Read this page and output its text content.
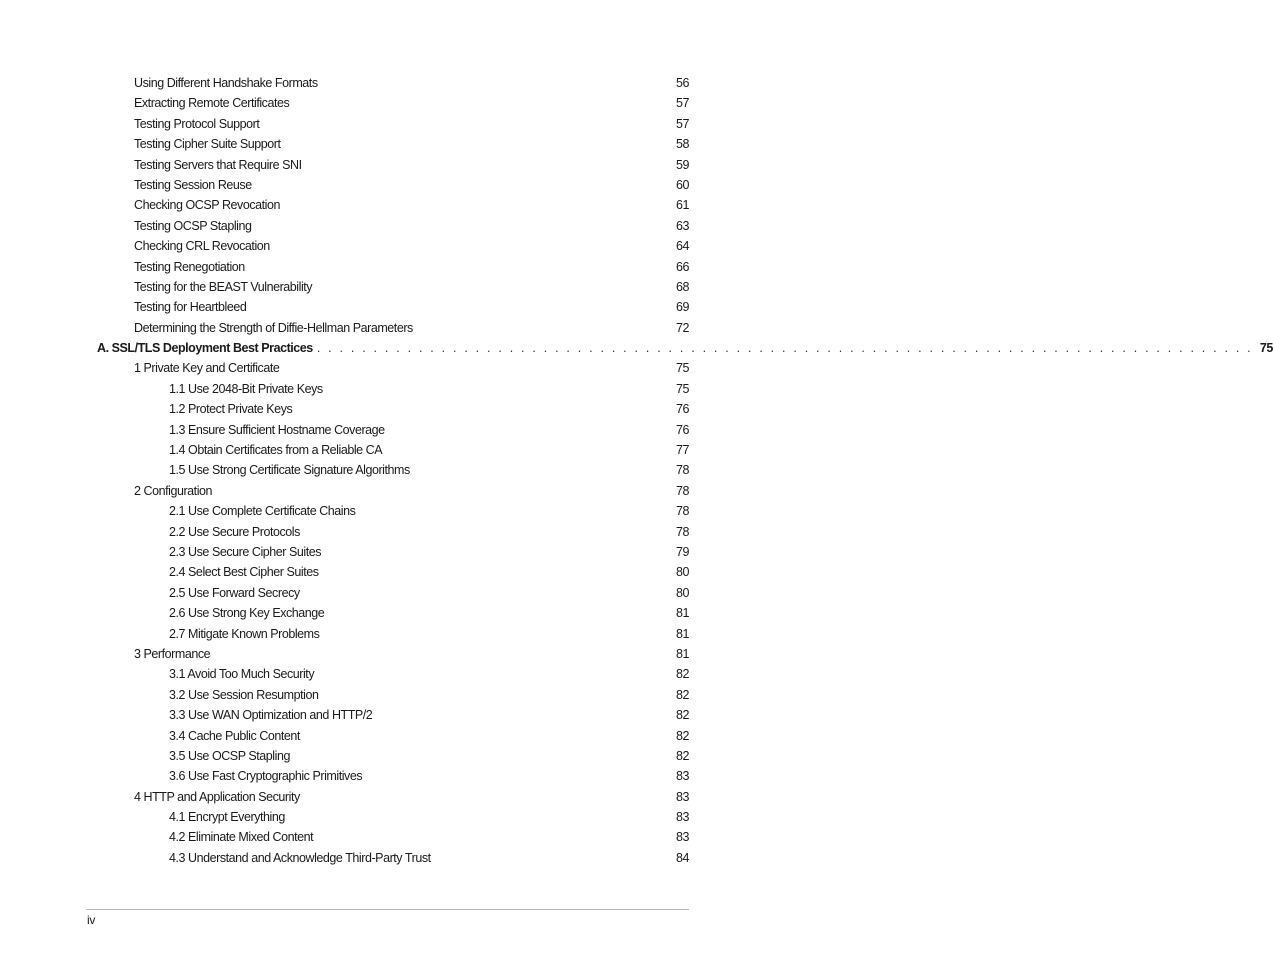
Using Different Handshake Formats	56
Extracting Remote Certificates	57
Testing Protocol Support	57
Testing Cipher Suite Support	58
Testing Servers that Require SNI	59
Testing Session Reuse	60
Checking OCSP Revocation	61
Testing OCSP Stapling	63
Checking CRL Revocation	64
Testing Renegotiation	66
Testing for the BEAST Vulnerability	68
Testing for Heartbleed	69
Determining the Strength of Diffie-Hellman Parameters	72
A. SSL/TLS Deployment Best Practices . . . . . . . . . . . . . . . . . . . . . . . . . . . . . . . . . . . . . . . . . . . . . . . . . . . . . . . . . . . . . . . . . . . . . . . . . . . . . . . . . . . 75
1 Private Key and Certificate	75
1.1 Use 2048-Bit Private Keys	75
1.2 Protect Private Keys	76
1.3 Ensure Sufficient Hostname Coverage	76
1.4 Obtain Certificates from a Reliable CA	77
1.5 Use Strong Certificate Signature Algorithms	78
2 Configuration	78
2.1 Use Complete Certificate Chains	78
2.2 Use Secure Protocols	78
2.3 Use Secure Cipher Suites	79
2.4 Select Best Cipher Suites	80
2.5 Use Forward Secrecy	80
2.6 Use Strong Key Exchange	81
2.7 Mitigate Known Problems	81
3 Performance	81
3.1 Avoid Too Much Security	82
3.2 Use Session Resumption	82
3.3 Use WAN Optimization and HTTP/2	82
3.4 Cache Public Content	82
3.5 Use OCSP Stapling	82
3.6 Use Fast Cryptographic Primitives	83
4 HTTP and Application Security	83
4.1 Encrypt Everything	83
4.2 Eliminate Mixed Content	83
4.3 Understand and Acknowledge Third-Party Trust	84
iv
